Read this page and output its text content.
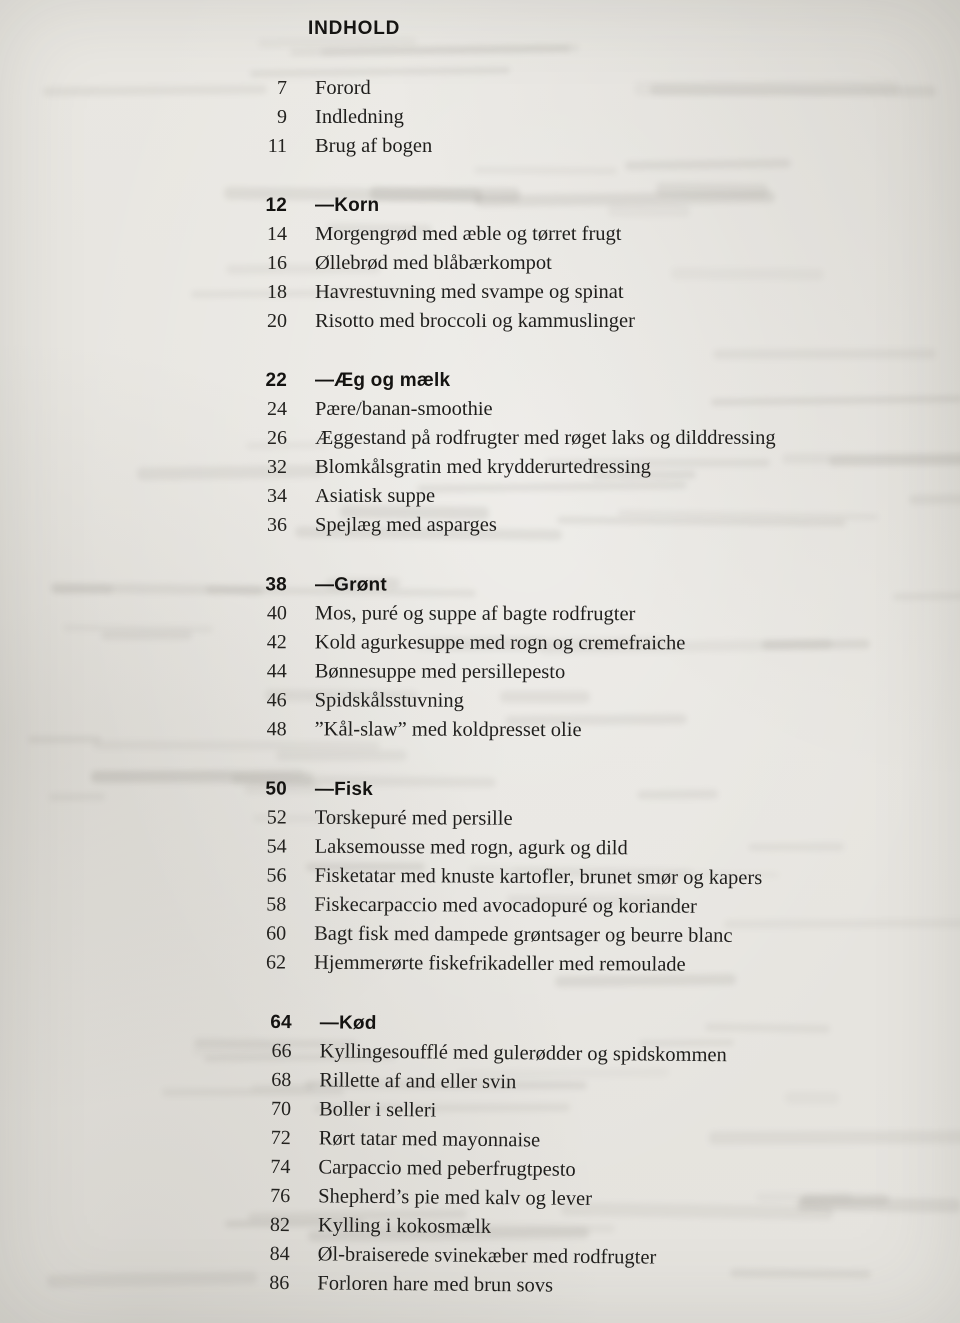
INDHOLD
7 Forord
9 Indledning
11 Brug af bogen
12 —Korn
14 Morgengrød med æble og tørret frugt
16 Øllebrød med blåbærkompot
18 Havrestuvning med svampe og spinat
20 Risotto med broccoli og kammuslinger
22 —Æg og mælk
24 Pære/banan-smoothie
26 Æggestand på rodfrugter med røget laks og dilddressing
32 Blomkålsgratin med krydderurtedressing
34 Asiatisk suppe
36 Spejlæg med asparges
38 —Grønt
40 Mos, puré og suppe af bagte rodfrugter
42 Kold agurkesuppe med rogn og cremefraiche
44 Bønnesuppe med persillepesto
46 Spidskålsstuvning
48 ”Kål-slaw” med koldpresset olie
50 —Fisk
52 Torskepuré med persille
54 Laksemousse med rogn, agurk og dild
56 Fisketatar med knuste kartofler, brunet smør og kapers
58 Fiskecarpaccio med avocadopuré og koriander
60 Bagt fisk med dampede grøntsager og beurre blanc
62 Hjemmerørte fiskefrikadeller med remoulade
64 —Kød
66 Kyllingesoufflé med gulerødder og spidskommen
68 Rillette af and eller svin
70 Boller i selleri
72 Rørt tatar med mayonnaise
74 Carpaccio med peberfrugtpesto
76 Shepherd’s pie med kalv og lever
82 Kylling i kokosmælk
84 Øl-braiserede svinekæber med rodfrugter
86 Forloren hare med brun sovs
